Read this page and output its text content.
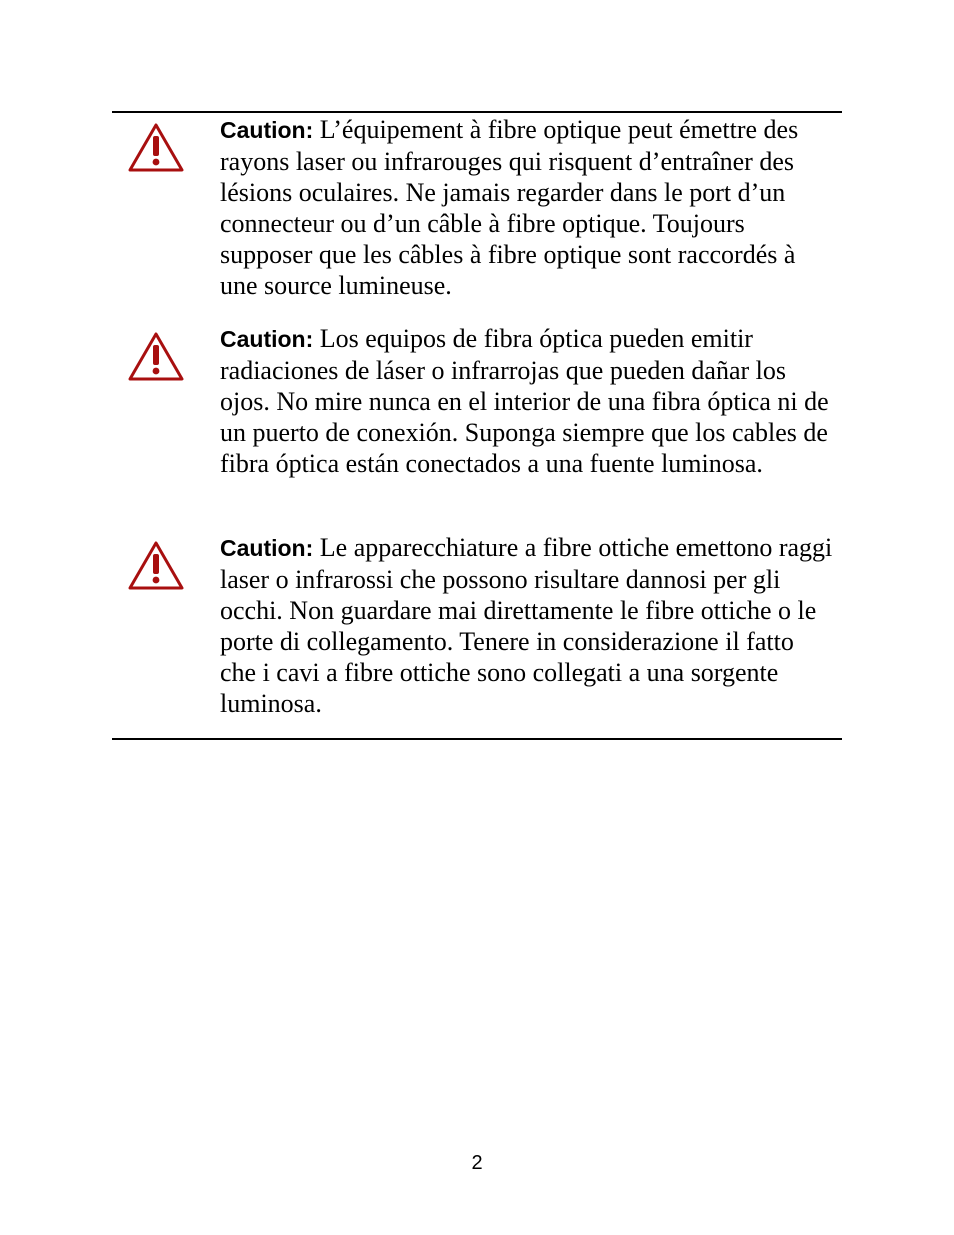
Caution: L’équipement à fibre optique peut émettre des rayons laser ou infrarouges qui risquent d’entraîner des lésions oculaires. Ne jamais regarder dans le port d’un connecteur ou d’un câble à fibre optique. Toujours supposer que les câbles à fibre optique sont raccordés à une source lumineuse.

Caution: Los equipos de fibra óptica pueden emitir radiaciones de láser o infrarrojas que pueden dañar los ojos. No mire nunca en el interior de una fibra óptica ni de un puerto de conexión. Suponga siempre que los cables de fibra óptica están conectados a una fuente luminosa.

Caution: Le apparecchiature a fibre ottiche emettono raggi laser o infrarossi che possono risultare dannosi per gli occhi. Non guardare mai direttamente le fibre ottiche o le porte di collegamento. Tenere in considerazione il fatto che i cavi a fibre ottiche sono collegati a una sorgente luminosa.

2
